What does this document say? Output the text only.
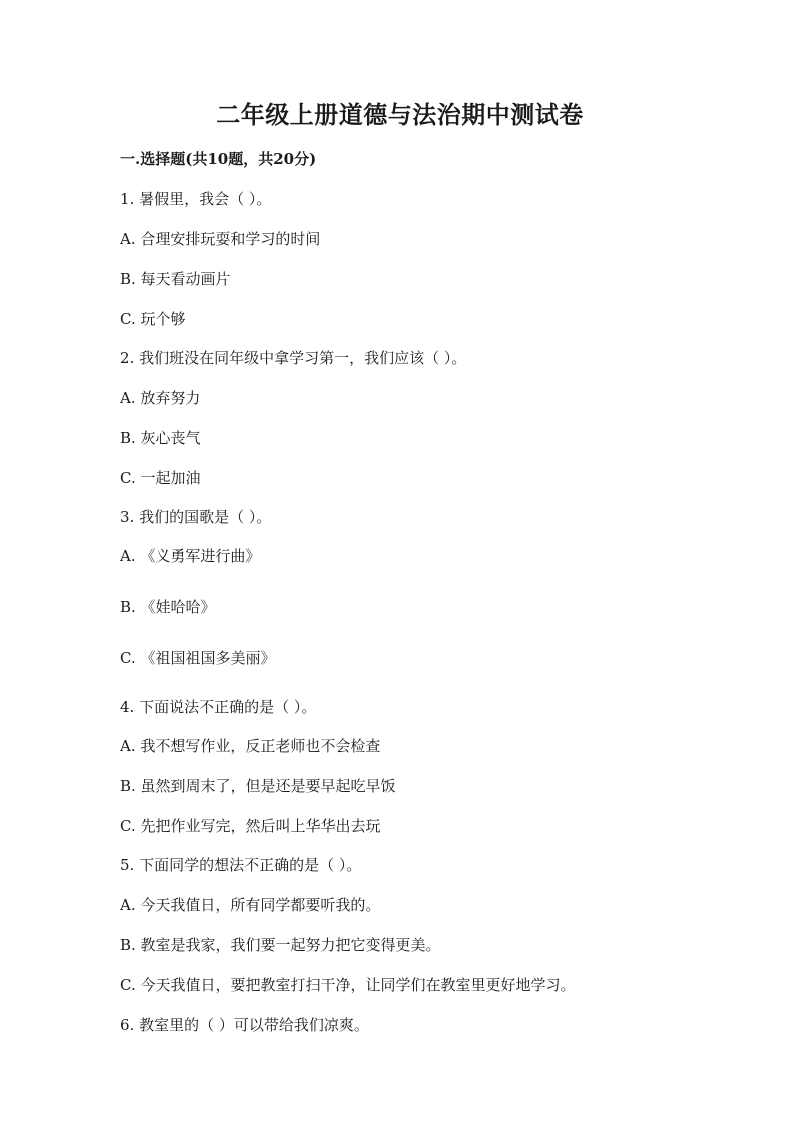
二年级上册道德与法治期中测试卷
一.选择题(共10题，共20分)
1. 暑假里，我会（ ）。
A. 合理安排玩耍和学习的时间
B. 每天看动画片
C. 玩个够
2. 我们班没在同年级中拿学习第一，我们应该（ ）。
A. 放弃努力
B. 灰心丧气
C. 一起加油
3. 我们的国歌是（ ）。
A. 《义勇军进行曲》
B. 《娃哈哈》
C. 《祖国祖国多美丽》
4. 下面说法不正确的是（ ）。
A. 我不想写作业，反正老师也不会检查
B. 虽然到周末了，但是还是要早起吃早饭
C. 先把作业写完，然后叫上华华出去玩
5. 下面同学的想法不正确的是（ ）。
A. 今天我值日，所有同学都要听我的。
B. 教室是我家，我们要一起努力把它变得更美。
C. 今天我值日，要把教室打扫干净，让同学们在教室里更好地学习。
6. 教室里的（ ）可以带给我们凉爽。
